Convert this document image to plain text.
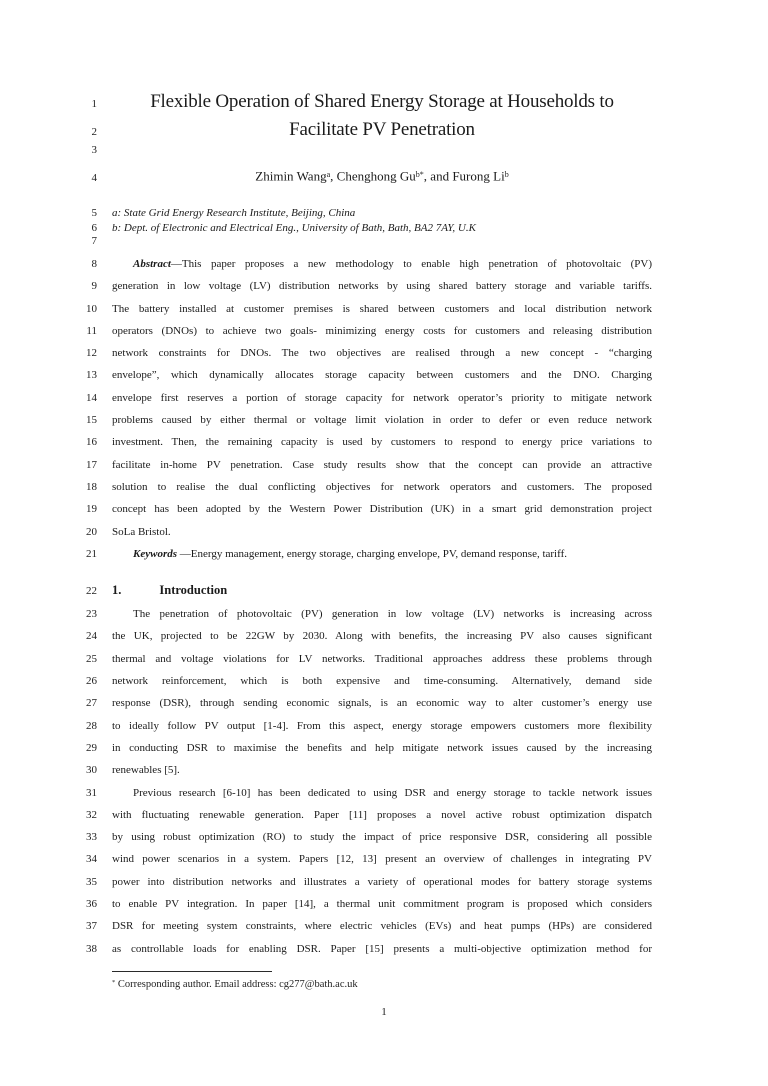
1	Flexible Operation of Shared Energy Storage at Households to
2	Facilitate PV Penetration
3
4	Zhimin Wang$^a$, Chenghong $Gu^{b*}$, and Furong Li$^b$
5 a: State Grid Energy Research Institute, Beijing, China
6 b: Dept. of Electronic and Electrical Eng., University of Bath, Bath, BA2 7AY, U.K
7
8	Abstract—This paper proposes a new methodology to enable high penetration of photovoltaic (PV)
9 generation in low voltage (LV) distribution networks by using shared battery storage and variable tariffs.
10 The battery installed at customer premises is shared between customers and local distribution network
11 operators (DNOs) to achieve two goals- minimizing energy costs for customers and releasing distribution
12 network constraints for DNOs. The two objectives are realised through a new concept - “charging
13 envelope”, which dynamically allocates storage capacity between customers and the DNO. Charging
14 envelope first reserves a portion of storage capacity for network operator’s priority to mitigate network
15 problems caused by either thermal or voltage limit violation in order to defer or even reduce network
16 investment. Then, the remaining capacity is used by customers to respond to energy price variations to
17 facilitate in-home PV penetration. Case study results show that the concept can provide an attractive
18 solution to realise the dual conflicting objectives for network operators and customers. The proposed
19 concept has been adopted by the Western Power Distribution (UK) in a smart grid demonstration project
20 SoLa Bristol.
21	Keywords —Energy management, energy storage, charging envelope, PV, demand response, tariff.
22 1.	Introduction
23	The penetration of photovoltaic (PV) generation in low voltage (LV) networks is increasing across
24 the UK, projected to be 22GW by 2030. Along with benefits, the increasing PV also causes significant
25 thermal and voltage violations for LV networks. Traditional approaches address these problems through
26 network reinforcement, which is both expensive and time-consuming. Alternatively, demand side
27 response (DSR), through sending economic signals, is an economic way to alter customer’s energy use
28 to ideally follow PV output [1-4]. From this aspect, energy storage empowers customers more flexibility
29 in conducting DSR to maximise the benefits and help mitigate network issues caused by the increasing
30 renewables [5].
31	Previous research [6-10] has been dedicated to using DSR and energy storage to tackle network issues
32 with fluctuating renewable generation. Paper [11] proposes a novel active robust optimization dispatch
33 by using robust optimization (RO) to study the impact of price responsive DSR, considering all possible
34 wind power scenarios in a system. Papers [12, 13] present an overview of challenges in integrating PV
35 power into distribution networks and illustrates a variety of operational modes for battery storage systems
36 to enable PV integration. In paper [14], a thermal unit commitment program is proposed which considers
37 DSR for meeting system constraints, where electric vehicles (EVs) and heat pumps (HPs) are considered
38 as controllable loads for enabling DSR. Paper [15] presents a multi-objective optimization method for
* Corresponding author. Email address: cg277@bath.ac.uk
1
